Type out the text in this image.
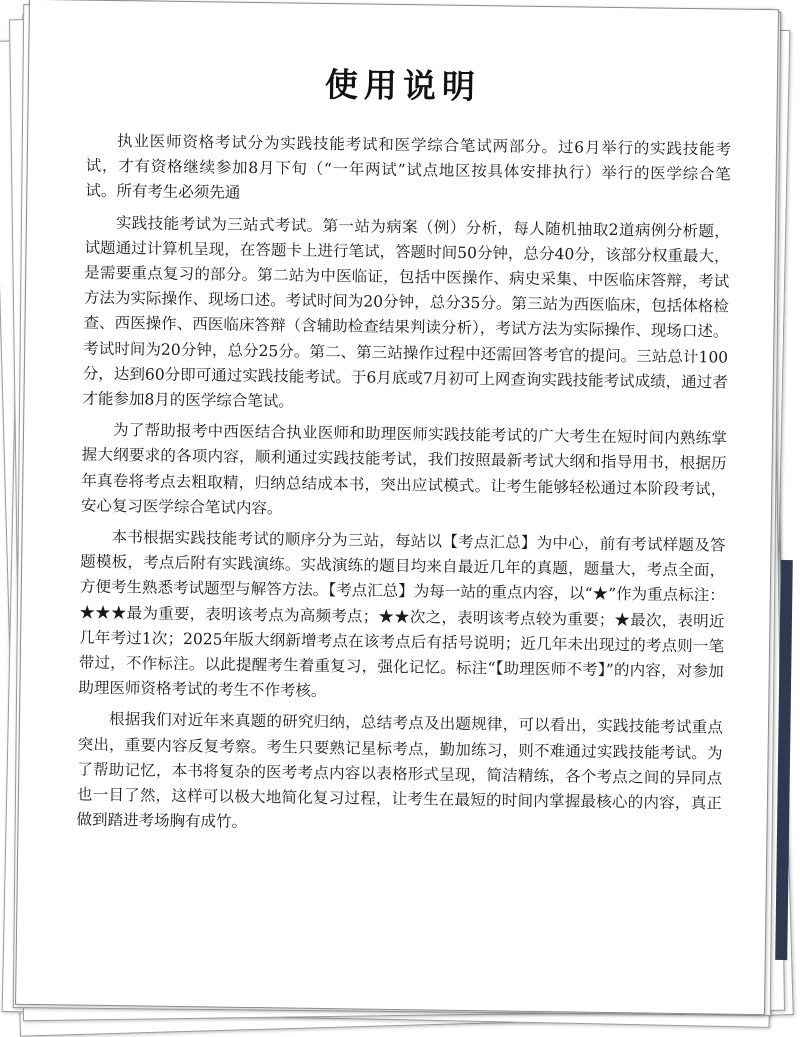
使用说明

执业医师资格考试分为实践技能考试和医学综合笔试两部分。过6月举行的实践技能考试，才有资格继续参加8月下旬（“一年两试”试点地区按具体安排执行）举行的医学综合笔试。所有考生必须先通

实践技能考试为三站式考试。第一站为病案（例）分析，每人随机抽取2道病例分析题，试题通过计算机呈现，在答题卡上进行笔试，答题时间50分钟，总分40分，该部分权重最大，是需要重点复习的部分。第二站为中医临证，包括中医操作、病史采集、中医临床答辩，考试方法为实际操作、现场口述。考试时间为20分钟，总分35分。第三站为西医临床，包括体格检查、西医操作、西医临床答辩（含辅助检查结果判读分析），考试方法为实际操作、现场口述。考试时间为20分钟，总分25分。第二、第三站操作过程中还需回答考官的提问。三站总计100分，达到60分即可通过实践技能考试。于6月底或7月初可上网查询实践技能考试成绩，通过者才能参加8月的医学综合笔试。

为了帮助报考中西医结合执业医师和助理医师实践技能考试的广大考生在短时间内熟练掌握大纲要求的各项内容，顺利通过实践技能考试，我们按照最新考试大纲和指导用书，根据历年真卷将考点去粗取精，归纳总结成本书，突出应试模式。让考生能够轻松通过本阶段考试，安心复习医学综合笔试内容。

本书根据实践技能考试的顺序分为三站，每站以【考点汇总】为中心，前有考试样题及答题模板，考点后附有实践演练。实战演练的题目均来自最近几年的真题，题量大，考点全面，方便考生熟悉考试题型与解答方法。【考点汇总】为每一站的重点内容，以“★”作为重点标注：★★★最为重要，表明该考点为高频考点；★★次之，表明该考点较为重要；★最次，表明近几年考过1次；2025年版大纲新增考点在该考点后有括号说明；近几年未出现过的考点则一笔带过，不作标注。以此提醒考生着重复习，强化记忆。标注“【助理医师不考】”的内容，对参加助理医师资格考试的考生不作考核。

根据我们对近年来真题的研究归纳，总结考点及出题规律，可以看出，实践技能考试重点突出，重要内容反复考察。考生只要熟记星标考点，勤加练习，则不难通过实践技能考试。为了帮助记忆，本书将复杂的医考考点内容以表格形式呈现，简洁精练，各个考点之间的异同点也一目了然，这样可以极大地简化复习过程，让考生在最短的时间内掌握最核心的内容，真正做到踏进考场胸有成竹。
